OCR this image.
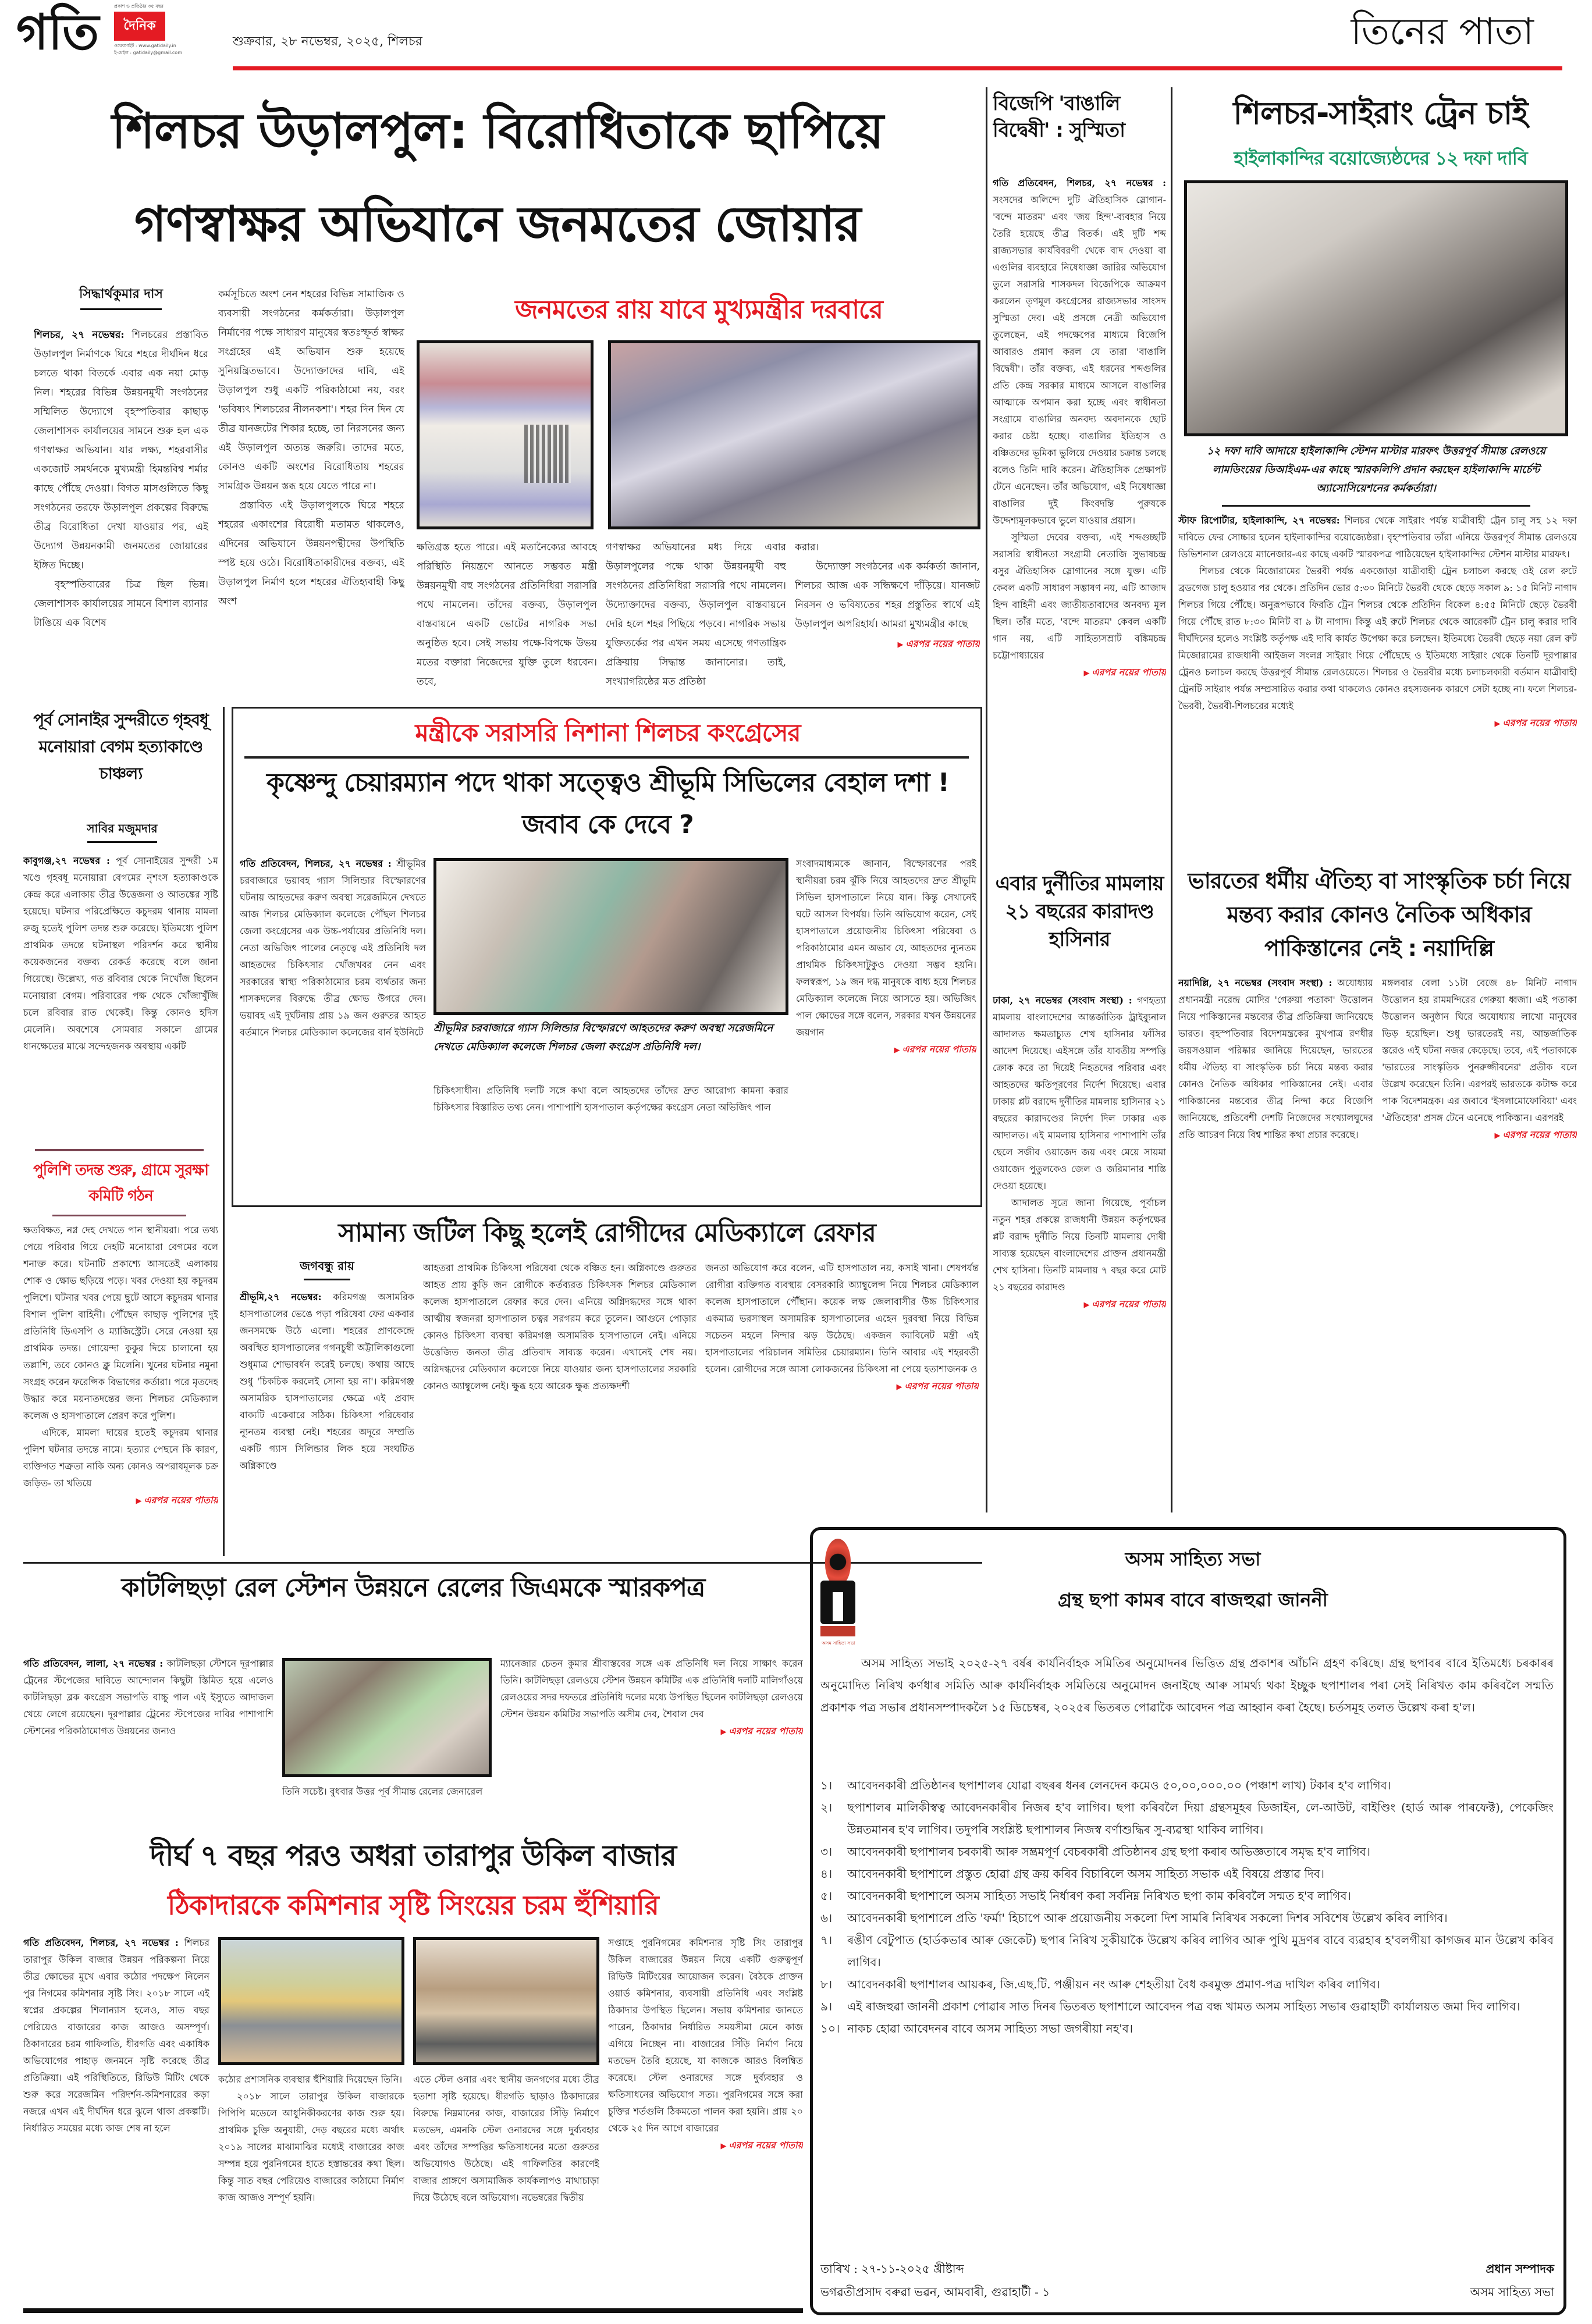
গতি	প্রকাশ ও প্রতিষ্ঠার ৩৫ বছর
দৈনিক
ওয়েবসাইট : www.gatidaily.in
ই-মেইল : gatidaily@gmail.com
শুক্রবার, ২৮ নভেম্বর, ২০২৫, শিলচর	তিনের পাতা
শিলচর উড়ালপুল: বিরোধিতাকে ছাপিয়ে
গণস্বাক্ষর অভিযানে জনমতের জোয়ার
সিদ্ধার্থকুমার দাস
শিলচর, ২৭ নভেম্বর: শিলচরের প্রস্তাবিত উড়ালপুল নির্মাণকে ঘিরে শহরে দীর্ঘদিন ধরে চলতে থাকা বিতর্কে এবার এক নয়া মোড় নিল। শহরের বিভিন্ন উন্নয়নমুখী সংগঠনের সম্মিলিত উদ্যোগে বৃহস্পতিবার কাছাড় জেলাশাসক কার্যালয়ের সামনে শুরু হল এক গণস্বাক্ষর অভিযান। যার লক্ষ্য, শহরবাসীর একজোট সমর্থনকে মুখ্যমন্ত্রী হিমন্তবিশ্ব শর্মার কাছে পৌঁছে দেওয়া। বিগত মাসগুলিতে কিছু সংগঠনের তরফে উড়ালপুল প্রকল্পের বিরুদ্ধে তীব্র বিরোধিতা দেখা যাওয়ার পর, এই উদ্যোগ উন্নয়নকামী জনমতের জোয়ারের ইঙ্গিত দিচ্ছে।
বৃহস্পতিবারের চিত্র ছিল ভিন্ন। জেলাশাসক কার্যালয়ের সামনে বিশাল ব্যানার টাঙিয়ে এক বিশেষ
কর্মসূচিতে অংশ নেন শহরের বিভিন্ন সামাজিক ও ব্যবসায়ী সংগঠনের কর্মকর্তারা। উড়ালপুল নির্মাণের পক্ষে সাধারণ মানুষের স্বতঃস্ফূর্ত স্বাক্ষর সংগ্রহের এই অভিযান শুরু হয়েছে সুনিয়ন্ত্রিতভাবে। উদ্যোক্তাদের দাবি, এই উড়ালপুল শুধু একটি পরিকাঠামো নয়, বরং 'ভবিষ্যৎ শিলচরের নীলনকশা'। শহর দিন দিন যে তীব্র যানজটের শিকার হচ্ছে, তা নিরসনের জন্য এই উড়ালপুল অত্যন্ত জরুরি। তাদের মতে, কোনও একটি অংশের বিরোধিতায় শহরের সামগ্রিক উন্নয়ন স্তব্ধ হয়ে যেতে পারে না।
প্রস্তাবিত এই উড়ালপুলকে ঘিরে শহরে শহরের একাংশের বিরোধী মতামত থাকলেও, এদিনের অভিযানে উন্নয়নপন্থীদের উপস্থিতি স্পষ্ট হয়ে ওঠে। বিরোধিতাকারীদের বক্তব্য, এই উড়ালপুল নির্মাণ হলে শহরের ঐতিহ্যবাহী কিছু অংশ
জনমতের রায় যাবে মুখ্যমন্ত্রীর দরবারে
ক্ষতিগ্রস্ত হতে পারে। এই মতানৈক্যের আবহে পরিস্থিতি নিয়ন্ত্রণে আনতে সম্ভবত মন্ত্রী উন্নয়নমুখী বহু সংগঠনের প্রতিনিধিরা সরাসরি পথে নামলেন। তাঁদের বক্তব্য, উড়ালপুল বাস্তবায়নে একটি ভোটের নাগরিক সভা অনুষ্ঠিত হবে। সেই সভায় পক্ষে-বিপক্ষে উভয় মতের বক্তারা নিজেদের যুক্তি তুলে ধরবেন। তবে,
গণস্বাক্ষর অভিযানের মধ্য দিয়ে এবার উড়ালপুলের পক্ষে থাকা উন্নয়নমুখী বহু সংগঠনের প্রতিনিধিরা সরাসরি পথে নামলেন। উদ্যোক্তাদের বক্তব্য, উড়ালপুল বাস্তবায়নে দেরি হলে শহর পিছিয়ে পড়বে। নাগরিক সভায় যুক্তিতর্কের পর এখন সময় এসেছে গণতান্ত্রিক প্রক্রিয়ায় সিদ্ধান্ত জানানোর। তাই, সংখ্যাগরিষ্ঠের মত প্রতিষ্ঠা
করার।
উদ্যোক্তা সংগঠনের এক কর্মকর্তা জানান, শিলচর আজ এক সন্ধিক্ষণে দাঁড়িয়ে। যানজট নিরসন ও ভবিষ্যতের শহর প্রস্তুতির স্বার্থে এই উড়ালপুল অপরিহার্য। আমরা মুখ্যমন্ত্রীর কাছে
▶ এরপর নয়ের পাতায়
বিজেপি 'বাঙালি বিদ্বেষী' : সুস্মিতা
গতি প্রতিবেদন, শিলচর, ২৭ নভেম্বর : সংসদের অলিন্দে দুটি ঐতিহাসিক স্লোগান- 'বন্দে মাতরম' এবং 'জয় হিন্দ'-ব্যবহার নিয়ে তৈরি হয়েছে তীব্র বিতর্ক। এই দুটি শব্দ রাজ্যসভার কার্যবিবরণী থেকে বাদ দেওয়া বা এগুলির ব্যবহারে নিষেধাজ্ঞা জারির অভিযোগ তুলে সরাসরি শাসকদল বিজেপিকে আক্রমণ করলেন তৃণমূল কংগ্রেসের রাজ্যসভার সাংসদ সুস্মিতা দেব। এই প্রসঙ্গে নেত্রী অভিযোগ তুলেছেন, এই পদক্ষেপের মাধ্যমে বিজেপি আবারও প্রমাণ করল যে তারা 'বাঙালি বিদ্বেষী'। তাঁর বক্তব্য, এই ধরনের শব্দগুলির প্রতি কেন্দ্র সরকার মাধ্যমে আসলে বাঙালির আত্মাকে অপমান করা হচ্ছে এবং স্বাধীনতা সংগ্রামে বাঙালির অনবদ্য অবদানকে ছোট করার চেষ্টা হচ্ছে। বাঙালির ইতিহাস ও বঞ্চিতদের ভূমিকা ভুলিয়ে দেওয়ার চক্রান্ত চলছে বলেও তিনি দাবি করেন। ঐতিহাসিক প্রেক্ষাপট টেনে এনেছেন। তাঁর অভিযোগ, এই নিষেধাজ্ঞা বাঙালির দুই কিংবদন্তি পুরুষকে উদ্দেশ্যমূলকভাবে ভুলে যাওয়ার প্রয়াস।
সুস্মিতা দেবের বক্তব্য, এই শব্দগুচ্ছটি সরাসরি স্বাধীনতা সংগ্রামী নেতাজি সুভাষচন্দ্র বসুর ঐতিহাসিক স্লোগানের সঙ্গে যুক্ত। এটি কেবল একটি সাধারণ সম্ভাষণ নয়, এটি আজাদ হিন্দ বাহিনী এবং জাতীয়তাবাদের অনবদ্য মূল ছিল। তাঁর মতে, 'বন্দে মাতরম' কেবল একটি গান নয়, এটি সাহিত্যসম্রাট বঙ্কিমচন্দ্র চট্টোপাধ্যায়ের
▶ এরপর নয়ের পাতায়
এবার দুর্নীতির মামলায় ২১ বছরের কারাদণ্ড হাসিনার
ঢাকা, ২৭ নভেম্বর (সংবাদ সংস্থা) : গণহত্যা মামলায় বাংলাদেশের আন্তর্জাতিক ট্রাইব্যুনাল আদালত ক্ষমতাচ্যুত শেখ হাসিনার ফাঁসির আদেশ দিয়েছে। এইসঙ্গে তাঁর যাবতীয় সম্পত্তি ক্রোক করে তা দিয়েই নিহতদের পরিবার এবং আহতদের ক্ষতিপূরণের নির্দেশ দিয়েছে। এবার ঢাকায় প্লট বরাদ্দে দুর্নীতির মামলায় হাসিনার ২১ বছরের কারাদণ্ডের নির্দেশ দিল ঢাকার এক আদালত। এই মামলায় হাসিনার পাশাপাশি তাঁর ছেলে সজীব ওয়াজেদ জয় এবং মেয়ে সায়মা ওয়াজেদ পুতুলকেও জেল ও জরিমানার শাস্তি দেওয়া হয়েছে।
আদালত সূত্রে জানা গিয়েছে, পূর্বাচল নতুন শহর প্রকল্পে রাজধানী উন্নয়ন কর্তৃপক্ষের প্লট বরাদ্দ দুর্নীতি নিয়ে তিনটি মামলায় দোষী সাব্যস্ত হয়েছেন বাংলাদেশের প্রাক্তন প্রধানমন্ত্রী শেখ হাসিনা। তিনটি মামলায় ৭ বছর করে মোট ২১ বছরের কারাদণ্ড
▶ এরপর নয়ের পাতায়
শিলচর-সাইরাং ট্রেন চাই
হাইলাকান্দির বয়োজ্যেষ্ঠদের ১২ দফা দাবি
১২ দফা দাবি আদায়ে হাইলাকান্দি স্টেশন মাস্টার মারফৎ উত্তরপূর্ব সীমান্ত রেলওয়ে লামডিংয়ের ডিআইএম-এর কাছে স্মারকলিপি প্রদান করছেন হাইলাকান্দি মার্চেন্ট অ্যাসোসিয়েশনের কর্মকর্তারা।
স্টাফ রিপোর্টার, হাইলাকান্দি, ২৭ নভেম্বর: শিলচর থেকে সাইরাং পর্যন্ত যাত্রীবাহী ট্রেন চালু সহ ১২ দফা দাবিতে ফের সোচ্চার হলেন হাইলাকান্দির বয়োজ্যেষ্ঠরা। বৃহস্পতিবার তাঁরা এনিয়ে উত্তরপূর্ব সীমান্ত রেলওয়ে ডিভিশনাল রেলওয়ে ম্যানেজার-এর কাছে একটি স্মারকপত্র পাঠিয়েছেন হাইলাকান্দির স্টেশন মাস্টার মারফৎ।
শিলচর থেকে মিজোরামের ভৈরবী পর্যন্ত একজোড়া যাত্রীবাহী ট্রেন চলাচল করছে ওই রেল রুটে ব্রডগেজ চালু হওয়ার পর থেকে। প্রতিদিন ভোর ৫:৩০ মিনিটে ভৈরবী থেকে ছেড়ে সকাল ৯: ১৫ মিনিট নাগাদ শিলচর গিয়ে পৌঁছে। অনুরূপভাবে ফিরতি ট্রেন শিলচর থেকে প্রতিদিন বিকেল ৪:৫৫ মিনিটে ছেড়ে ভৈরবী গিয়ে পৌঁছে রাত ৮:৩০ মিনিট বা ৯ টা নাগাদ। কিন্তু এই রুটে শিলচর থেকে আরেকটি ট্রেন চালু করার দাবি দীর্ঘদিনের হলেও সংশ্লিষ্ট কর্তৃপক্ষ এই দাবি কার্যত উপেক্ষা করে চলছেন। ইতিমধ্যে ভৈরবী ছেড়ে নয়া রেল রুট মিজোরামের রাজধানী আইজল সংলগ্ন সাইরাং গিয়ে পৌঁছেছে ও ইতিমধ্যে সাইরাং থেকে তিনটি দূরপাল্লার ট্রেনও চলাচল করছে উত্তরপূর্ব সীমান্ত রেলওয়েতে। শিলচর ও ভৈরবীর মধ্যে চলাচলকারী বর্তমান যাত্রীবাহী ট্রেনটি সাইরাং পর্যন্ত সম্প্রসারিত করার কথা থাকলেও কোনও রহস্যজনক কারণে সেটা হচ্ছে না। ফলে শিলচর-ভৈরবী, ভৈরবী-শিলচরের মধ্যেই
▶ এরপর নয়ের পাতায়
ভারতের ধর্মীয় ঐতিহ্য বা সাংস্কৃতিক চর্চা নিয়ে মন্তব্য করার কোনও নৈতিক অধিকার পাকিস্তানের নেই : নয়াদিল্লি
নয়াদিল্লি, ২৭ নভেম্বর (সংবাদ সংস্থা) : অযোধ্যায় প্রধানমন্ত্রী নরেন্দ্র মোদির 'গেরুয়া পতাকা' উত্তোলন নিয়ে পাকিস্তানের মন্তব্যের তীব্র প্রতিক্রিয়া জানিয়েছে ভারত। বৃহস্পতিবার বিদেশমন্ত্রকের মুখপাত্র রণধীর জয়সওয়াল পরিষ্কার জানিয়ে দিয়েছেন, ভারতের ধর্মীয় ঐতিহ্য বা সাংস্কৃতিক চর্চা নিয়ে মন্তব্য করার কোনও নৈতিক অধিকার পাকিস্তানের নেই। এবার পাকিস্তানের মন্তব্যের তীব্র নিন্দা করে বিজেপি জানিয়েছে, প্রতিবেশী দেশটি নিজেদের সংখ্যালঘুদের প্রতি আচরণ নিয়ে বিশ্ব শান্তির কথা প্রচার করেছে।
মঙ্গলবার বেলা ১১টা বেজে ৪৮ মিনিট নাগাদ উত্তোলন হয় রামমন্দিরের গেরুয়া ধ্বজা। এই পতাকা উত্তোলন অনুষ্ঠান ঘিরে অযোধ্যায় লাখো মানুষের ভিড় হয়েছিল। শুধু ভারতেরই নয়, আন্তর্জাতিক স্তরেও এই ঘটনা নজর কেড়েছে। তবে, এই পতাকাকে 'ভারতের সাংস্কৃতিক পুনরুজ্জীবনের' প্রতীক বলে উল্লেখ করেছেন তিনি। এরপরই ভারতকে কটাক্ষ করে পাক বিদেশমন্ত্রক। এর জবাবে 'ইসলামোফোবিয়া' এবং 'ঐতিহ্যের' প্রসঙ্গ টেনে এনেছে পাকিস্তান। এরপরই
▶ এরপর নয়ের পাতায়
পূর্ব সোনাইর সুন্দরীতে গৃহবধূ মনোয়ারা বেগম হত্যাকাণ্ডে চাঞ্চল্য
সাবির মজুমদার
কাবুগঞ্জ,২৭ নভেম্বর : পূর্ব সোনাইয়ের সুন্দরী ১ম খণ্ডে গৃহবধূ মনোয়ারা বেগমের নৃশংস হত্যাকাণ্ডকে কেন্দ্র করে এলাকায় তীব্র উত্তেজনা ও আতঙ্কের সৃষ্টি হয়েছে। ঘটনার পরিপ্রেক্ষিতে কচুদরম থানায় মামলা রুজু হতেই পুলিশ তদন্ত শুরু করেছে। ইতিমধ্যে পুলিশ প্রাথমিক তদন্তে ঘটনাস্থল পরিদর্শন করে স্থানীয় কয়েকজনের বক্তব্য রেকর্ড করেছে বলে জানা গিয়েছে। উল্লেখ্য, গত রবিবার থেকে নিখোঁজ ছিলেন মনোয়ারা বেগম। পরিবারের পক্ষ থেকে খোঁজাখুঁজি চলে রবিবার রাত থেকেই। কিন্তু কোনও হদিস মেলেনি। অবশেষে সোমবার সকালে গ্রামের ধানক্ষেতের মাঝে সন্দেহজনক অবস্থায় একটি
পুলিশি তদন্ত শুরু, গ্রামে সুরক্ষা কমিটি গঠন
ক্ষতবিক্ষত, নগ্ন দেহ দেখতে পান স্থানীয়রা। পরে তথ্য পেয়ে পরিবার গিয়ে দেহটি মনোয়ারা বেগমের বলে শনাক্ত করে। ঘটনাটি প্রকাশ্যে আসতেই এলাকায় শোক ও ক্ষোভ ছড়িয়ে পড়ে। খবর দেওয়া হয় কচুদরম পুলিশে। ঘটনার খবর পেয়ে ছুটে আসে কচুদরম থানার বিশাল পুলিশ বাহিনী। পৌঁছেন কাছাড় পুলিশের দুই প্রতিনিধি ডিএসপি ও ম্যাজিস্ট্রেট। সেরে নেওয়া হয় প্রাথমিক তদন্ত। গোয়েন্দা কুকুর দিয়ে চালানো হয় তল্লাশি, তবে কোনও ক্লু মিলেনি। খুনের ঘটনার নমুনা সংগ্রহ করেন ফরেন্সিক বিভাগের কর্তারা। পরে মৃতদেহ উদ্ধার করে ময়নাতদন্তের জন্য শিলচর মেডিক্যাল কলেজ ও হাসপাতালে প্রেরণ করে পুলিশ।
এদিকে, মামলা দায়ের হতেই কচুদরম থানার পুলিশ ঘটনার তদন্তে নামে। হত্যার পেছনে কি কারণ, ব্যক্তিগত শত্রুতা নাকি অন্য কোনও অপরাধমূলক চক্র জড়িত- তা খতিয়ে
▶ এরপর নয়ের পাতায়
মন্ত্রীকে সরাসরি নিশানা শিলচর কংগ্রেসের
কৃষ্ণেন্দু চেয়ারম্যান পদে থাকা সত্ত্বেও শ্রীভূমি সিভিলের বেহাল দশা ! জবাব কে দেবে ?
গতি প্রতিবেদন, শিলচর, ২৭ নভেম্বর : শ্রীভূমির চরবাজারে ভয়াবহ গ্যাস সিলিন্ডার বিস্ফোরণের ঘটনায় আহতদের করুণ অবস্থা সরেজমিনে দেখতে আজ শিলচর মেডিক্যাল কলেজে পৌঁছল শিলচর জেলা কংগ্রেসের এক উচ্চ-পর্যায়ের প্রতিনিধি দল। নেতা অভিজিৎ পালের নেতৃত্বে এই প্রতিনিধি দল আহতদের চিকিৎসার খোঁজখবর নেন এবং সরকারের স্বাস্থ্য পরিকাঠামোর চরম ব্যর্থতার জন্য শাসকদলের বিরুদ্ধে তীব্র ক্ষোভ উগরে দেন। ভয়াবহ এই দুর্ঘটনায় প্রায় ১৯ জন গুরুতর আহত বর্তমানে শিলচর মেডিক্যাল কলেজের বার্ন ইউনিটে শ্রীভূমির চরবাজারে গ্যাস সিলিন্ডার বিস্ফোরণে আহতদের করুণ অবস্থা সরেজমিনে দেখতে মেডিক্যাল কলেজে শিলচর জেলা কংগ্রেস প্রতিনিধি দল।
চিকিৎসাধীন। প্রতিনিধি দলটি সঙ্গে কথা বলে আহতদের তাঁদের দ্রুত আরোগ্য কামনা করার চিকিৎসার বিস্তারিত তথ্য নেন। পাশাপাশি হাসপাতাল কর্তৃপক্ষের কংগ্রেস নেতা অভিজিৎ পাল
সংবাদমাধ্যমকে জানান, বিস্ফোরণের পরই স্থানীয়রা চরম ঝুঁকি নিয়ে আহতদের দ্রুত শ্রীভূমি সিভিল হাসপাতালে নিয়ে যান। কিন্তু সেখানেই ঘটে আসল বিপর্যয়। তিনি অভিযোগ করেন, সেই হাসপাতালে প্রয়োজনীয় চিকিৎসা পরিষেবা ও পরিকাঠামোর এমন অভাব যে, আহতদের ন্যূনতম প্রাথমিক চিকিৎসাটুকুও দেওয়া সম্ভব হয়নি। ফলস্বরূপ, ১৯ জন দগ্ধ মানুষকে বাধ্য হয়ে শিলচর মেডিক্যাল কলেজে নিয়ে আসতে হয়। অভিজিৎ পাল ক্ষোভের সঙ্গে বলেন, সরকার যখন উন্নয়নের জয়গান
▶ এরপর নয়ের পাতায়
সামান্য জটিল কিছু হলেই রোগীদের মেডিক্যালে রেফার
জগবন্ধু রায়
শ্রীভূমি,২৭ নভেম্বর: করিমগঞ্জ অসামরিক হাসপাতালের ভেঙে পড়া পরিষেবা ফের একবার জনসমক্ষে উঠে এলো। শহরের প্রাণকেন্দ্রে অবস্থিত হাসপাতালের গগনচুম্বী অট্টালিকাগুলো শুধুমাত্র শোভাবর্ধন করেই চলছে। কথায় আছে শুধু 'চিকচিক করলেই সোনা হয় না'। করিমগঞ্জ অসামরিক হাসপাতালের ক্ষেত্রে এই প্রবাদ বাক্যটি একেবারে সঠিক। চিকিৎসা পরিষেবার ন্যূনতম ব্যবস্থা নেই। শহরের অদূরে সম্প্রতি একটি গ্যাস সিলিন্ডার লিক হয়ে সংঘটিত অগ্নিকাণ্ডে
আহতরা প্রাথমিক চিকিৎসা পরিষেবা থেকে বঞ্চিত হন। অগ্নিকাণ্ডে গুরুতর আহত প্রায় কুড়ি জন রোগীকে কর্তব্যরত চিকিৎসক শিলচর মেডিক্যাল কলেজ হাসপাতালে রেফার করে দেন। এনিয়ে অগ্নিদগ্ধদের সঙ্গে থাকা আত্মীয় স্বজনরা হাসপাতাল চত্বর সরগরম করে তুলেন। আগুনে পোড়ার কোনও চিকিৎসা ব্যবস্থা করিমগঞ্জ অসামরিক হাসপাতালে নেই। এনিয়ে উত্তেজিত জনতা তীব্র প্রতিবাদ সাব্যস্ত করেন। এখানেই শেষ নয়। অগ্নিদগ্ধদের মেডিক্যাল কলেজে নিয়ে যাওয়ার জন্য হাসপাতালের সরকারি কোনও অ্যাম্বুলেন্স নেই। ক্ষুব্ধ হয়ে আরেক ক্ষুব্ধ প্রত্যক্ষদর্শী
জনতা অভিযোগ করে বলেন, এটি হাসপাতাল নয়, কসাই খানা। শেষপর্যন্ত রোগীরা ব্যক্তিগত ব্যবস্থায় বেসরকারি অ্যাম্বুলেন্স নিয়ে শিলচর মেডিক্যাল কলেজ হাসপাতালে পৌঁছান। কয়েক লক্ষ জেলাবাসীর উচ্চ চিকিৎসার একমাত্র ভরসাস্থল অসামরিক হাসপাতালের এহেন দুরবস্থা নিয়ে বিভিন্ন সচেতন মহলে নিন্দার ঝড় উঠেছে। একজন ক্যাবিনেট মন্ত্রী এই হাসপাতালের পরিচালন সমিতির চেয়ারম্যান। তিনি আবার এই শহরবর্তী হলেন। রোগীদের সঙ্গে আসা লোকজনের চিকিৎসা না পেয়ে হতাশাজনক ও
▶ এরপর নয়ের পাতায়
কাটলিছড়া রেল স্টেশন উন্নয়নে রেলের জিএমকে স্মারকপত্র
গতি প্রতিবেদন, লালা, ২৭ নভেম্বর : কাটলিছড়া স্টেশনে দূরপাল্লার ট্রেনের স্টপেজের দাবিতে আন্দোলন কিছুটা স্তিমিত হয়ে এলেও কাটলিছড়া ব্লক কংগ্রেস সভাপতি বাচ্চু পাল এই ইস্যুতে আদাজল খেয়ে লেগে রয়েছেন। দূরপাল্লার ট্রেনের স্টপেজের দাবির পাশাপাশি স্টেশনের পরিকাঠামোগত উন্নয়নের জন্যও
তিনি সচেষ্ট। বুধবার উত্তর পূর্ব সীমান্ত রেলের জেনারেল
ম্যানেজার চেতন কুমার শ্রীবাস্তবের সঙ্গে এক প্রতিনিধি দল নিয়ে সাক্ষাৎ করেন তিনি। কাটলিছড়া রেলওয়ে স্টেশন উন্নয়ন কমিটির এক প্রতিনিধি দলটি মালিগাঁওয়ে রেলওয়ের সদর দফতরে প্রতিনিধি দলের মধ্যে উপস্থিত ছিলেন কাটলিছড়া রেলওয়ে স্টেশন উন্নয়ন কমিটির সভাপতি অসীম দেব, শৈবাল দেব
▶ এরপর নয়ের পাতায়
দীর্ঘ ৭ বছর পরও অধরা তারাপুর উকিল বাজার
ঠিকাদারকে কমিশনার সৃষ্টি সিংয়ের চরম হুঁশিয়ারি
গতি প্রতিবেদন, শিলচর, ২৭ নভেম্বর : শিলচর তারাপুর উকিল বাজার উন্নয়ন পরিকল্পনা নিয়ে তীব্র ক্ষোভের মুখে এবার কঠোর পদক্ষেপ নিলেন পুর নিগমের কমিশনার সৃষ্টি সিং। ২০১৮ সালে এই স্বপ্নের প্রকল্পের শিলান্যাস হলেও, সাত বছর পেরিয়েও বাজারের কাজ আজও অসম্পূর্ণ। ঠিকাদারের চরম গাফিলতি, ধীরগতি এবং একাধিক অভিযোগের পাহাড় জনমনে সৃষ্টি করেছে তীব্র প্রতিক্রিয়া। এই পরিস্থিতিতে, রিভিউ মিটিং থেকে শুরু করে সরেজমিন পরিদর্শন-কমিশনারের কড়া নজরে এখন এই দীর্ঘদিন ধরে ঝুলে থাকা প্রকল্পটি। নির্ধারিত সময়ের মধ্যে কাজ শেষ না হলে
কঠোর প্রশাসনিক ব্যবস্থার হুঁশিয়ারি দিয়েছেন তিনি।
২০১৮ সালে তারাপুর উকিল বাজারকে পিপিপি মডেলে আধুনিকীকরণের কাজ শুরু হয়। প্রাথমিক চুক্তি অনুযায়ী, দেড় বছরের মধ্যে অর্থাৎ ২০১৯ সালের মাঝামাঝির মধ্যেই বাজারের কাজ সম্পন্ন হয়ে পুরনিগমের হাতে হস্তান্তরের কথা ছিল। কিন্তু সাত বছর পেরিয়েও বাজারের কাঠামো নির্মাণ কাজ আজও সম্পূর্ণ হয়নি।
এতে স্টেল ওনার এবং স্থানীয় জনগণের মধ্যে তীব্র হতাশা সৃষ্টি হয়েছে। ধীরগতি ছাড়াও ঠিকাদারের বিরুদ্ধে নিম্নমানের কাজ, বাজারের সিঁড়ি নির্মাণে মতভেদ, এমনকি স্টেল ওনারদের সঙ্গে দুর্ব্যবহার এবং তাঁদের সম্পত্তির ক্ষতিসাধনের মতো গুরুতর অভিযোগও উঠেছে। এই গাফিলতির কারণেই বাজার প্রাঙ্গণে অসামাজিক কার্যকলাপও মাথাচাড়া দিয়ে উঠেছে বলে অভিযোগ। নভেম্বরের দ্বিতীয়
সপ্তাহে পুরনিগমের কমিশনার সৃষ্টি সিং তারাপুর উকিল বাজারের উন্নয়ন নিয়ে একটি গুরুত্বপূর্ণ রিভিউ মিটিংয়ের আয়োজন করেন। বৈঠকে প্রাক্তন ওয়ার্ড কমিশনার, ব্যবসায়ী প্রতিনিধি এবং সংশ্লিষ্ট ঠিকাদার উপস্থিত ছিলেন। সভায় কমিশনার জানতে পারেন, ঠিকাদার নির্ধারিত সময়সীমা মেনে কাজ এগিয়ে নিচ্ছেন না। বাজারের সিঁড়ি নির্মাণ নিয়ে মতভেদ তৈরি হয়েছে, যা কাজকে আরও বিলম্বিত করেছে। স্টেল ওনারদের সঙ্গে দুর্ব্যবহার ও ক্ষতিসাধনের অভিযোগ সত্য। পুরনিগমের সঙ্গে করা চুক্তির শর্তগুলি ঠিকমতো পালন করা হয়নি। প্রায় ২০ থেকে ২৫ দিন আগে বাজারের
▶ এরপর নয়ের পাতায়
অসম সাহিত্য সভা
অসম সাহিত্য সভা
গ্ৰন্থ ছপা কামৰ বাবে ৰাজহুৱা জাননী
অসম সাহিত্য সভাই ২০২৫-২৭ বৰ্ষৰ কাৰ্যনিৰ্বাহক সমিতিৰ অনুমোদনৰ ভিত্তিত গ্ৰন্থ প্ৰকাশৰ আঁচনি গ্ৰহণ কৰিছে। গ্ৰন্থ ছপাবৰ বাবে ইতিমধ্যে চৰকাৰৰ অনুমোদিত নিৰিখ কৰ্ণধাৰ সমিতি আৰু কাৰ্যনিৰ্বাহক সমিতিয়ে অনুমোদন জনাইছে আৰু সামৰ্থ্য থকা ইচ্ছুক ছপাশালৰ পৰা সেই নিৰিখত কাম কৰিবলৈ সন্মতি প্ৰকাশক পত্ৰ সভাৰ প্ৰধানসম্পাদকলৈ ১৫ ডিচেম্বৰ, ২০২৫ৰ ভিতৰত পোৱাকৈ আবেদন পত্ৰ আহ্বান কৰা হৈছে। চৰ্তসমূহ তলত উল্লেখ কৰা হ'ল।
১। আবেদনকাৰী প্ৰতিষ্ঠানৰ ছপাশালৰ যোৱা বছৰৰ ধনৰ লেনদেন কমেও ৫০,০০,০০০.০০ (পঞ্চাশ লাখ) টকাৰ হ'ব লাগিব।
২। ছপাশালৰ মালিকীস্বত্ব আবেদনকাৰীৰ নিজৰ হ'ব লাগিব। ছপা কৰিবলৈ দিয়া গ্ৰন্থসমূহৰ ডিজাইন, লে-আউট, বাইণ্ডিং (হাৰ্ড আৰু পাৰফেক্ট), পেকেজিং উন্নতমানৰ হ'ব লাগিব। তদুপৰি সংশ্লিষ্ট ছপাশালৰ নিজস্ব বৰ্ণাশুদ্ধিৰ সু-ব্যৱস্থা থাকিব লাগিব।
৩। আবেদনকাৰী ছপাশালৰ চৰকাৰী আৰু সম্ভ্ৰমপূৰ্ণ বেচৰকাৰী প্ৰতিষ্ঠানৰ গ্ৰন্থ ছপা কৰাৰ অভিজ্ঞতাৰে সমৃদ্ধ হ'ব লাগিব।
৪। আবেদনকাৰী ছপাশালে প্ৰস্তুত হোৱা গ্ৰন্থ ক্ৰয় কৰিব বিচাৰিলে অসম সাহিত্য সভাক এই বিষয়ে প্ৰস্তাৱ দিব।
৫। আবেদনকাৰী ছপাশালে অসম সাহিত্য সভাই নিৰ্ধাৰণ কৰা সৰ্বনিম্ন নিৰিখত ছপা কাম কৰিবলৈ সন্মত হ'ব লাগিব।
৬। আবেদনকাৰী ছপাশালে প্ৰতি 'ফৰ্মা' হিচাপে আৰু প্ৰয়োজনীয় সকলো দিশ সামৰি নিৰিখৰ সকলো দিশৰ সবিশেষ উল্লেখ কৰিব লাগিব।
৭। ৰঙীণ বেটুপাত (হাৰ্ডকভাৰ আৰু জেকেট) ছপাৰ নিৰিখ সুকীয়াকৈ উল্লেখ কৰিব লাগিব আৰু পুথি মুদ্ৰণৰ বাবে ব্যৱহাৰ হ'বলগীয়া কাগজৰ মান উল্লেখ কৰিব লাগিব।
৮। আবেদনকাৰী ছপাশালৰ আয়কৰ, জি.এছ.টি. পঞ্জীয়ন নং আৰু শেহতীয়া বৈধ কৰমুক্ত প্ৰমাণ-পত্ৰ দাখিল কৰিব লাগিব।
৯। এই ৰাজহুৱা জাননী প্ৰকাশ পোৱাৰ সাত দিনৰ ভিতৰত ছপাশালে আবেদন পত্ৰ বন্ধ খামত অসম সাহিত্য সভাৰ গুৱাহাটী কাৰ্যালয়ত জমা দিব লাগিব।
১০। নাকচ হোৱা আবেদনৰ বাবে অসম সাহিত্য সভা জগৰীয়া নহ'ব।
তাৰিখ : ২৭-১১-২০২৫ খ্ৰীষ্টাব্দ
ভগৱতীপ্ৰসাদ বৰুৱা ভৱন, আমবাৰী, গুৱাহাটী - ১
প্ৰধান সম্পাদক
অসম সাহিত্য সভা
